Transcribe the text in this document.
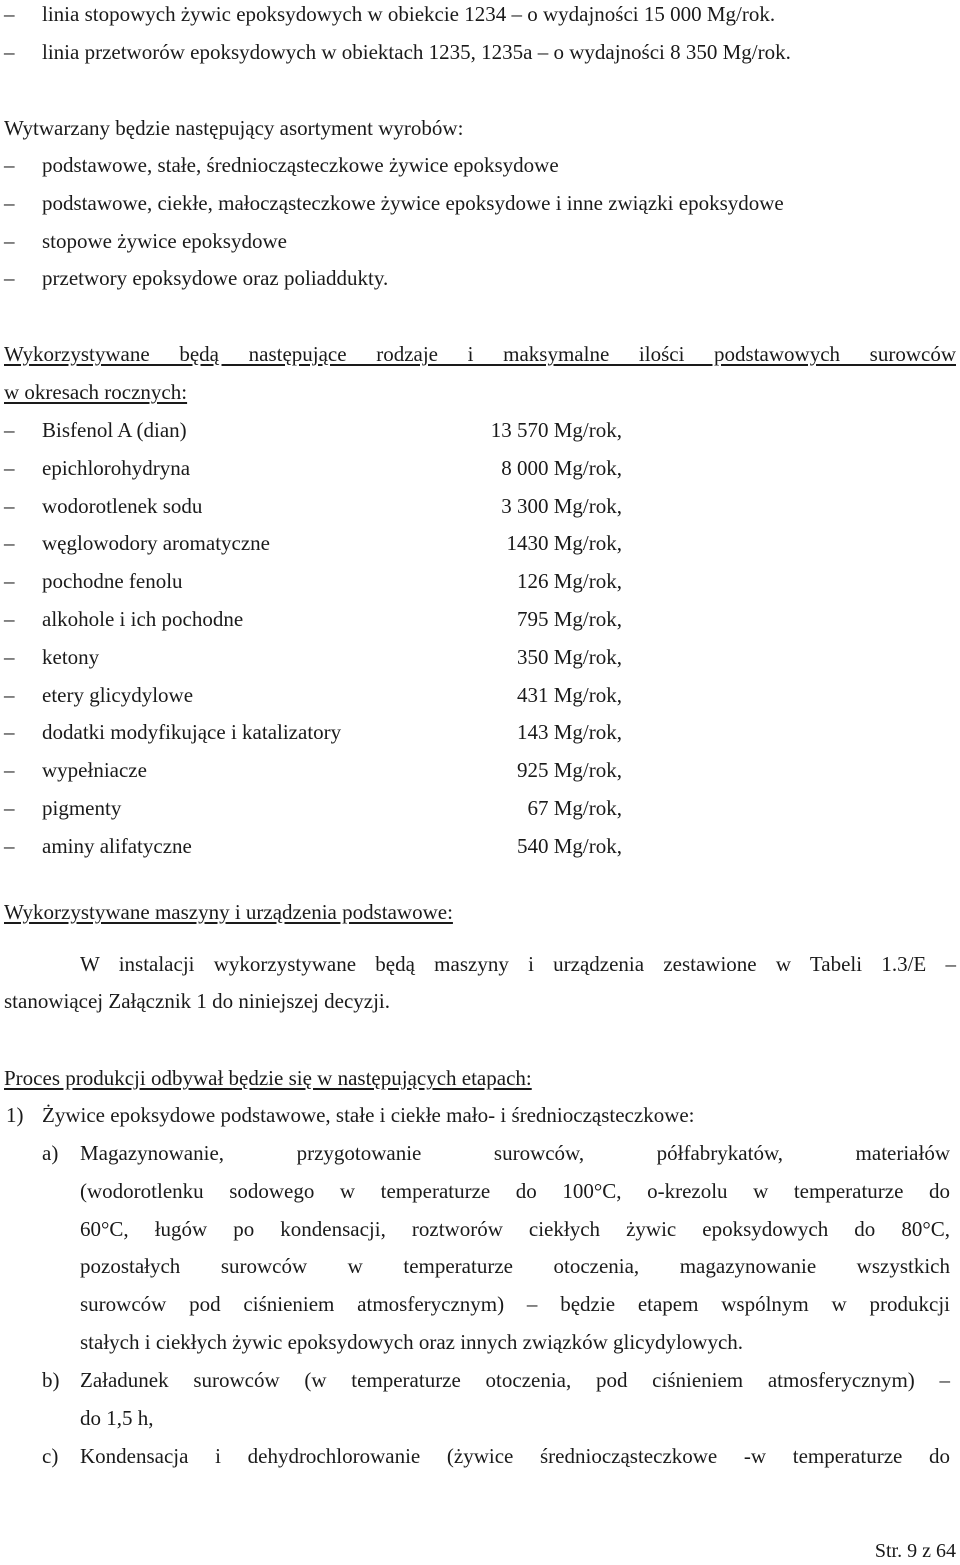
– linia stopowych żywic epoksydowych w obiekcie 1234 – o wydajności 15 000 Mg/rok.
– linia przetworów epoksydowych w obiektach 1235, 1235a – o wydajności 8 350 Mg/rok.
Wytwarzany będzie następujący asortyment wyrobów:
– podstawowe, stałe, średniocząsteczkowe żywice epoksydowe
– podstawowe, ciekłe, małocząsteczkowe żywice epoksydowe i inne związki epoksydowe
– stopowe żywice epoksydowe
– przetwory epoksydowe oraz poliaddukty.
Wykorzystywane będą następujące rodzaje i maksymalne ilości podstawowych surowców
w okresach rocznych:
– Bisfenol A (dian)	13 570 Mg/rok,
– epichlorohydryna	8 000 Mg/rok,
– wodorotlenek sodu	3 300 Mg/rok,
– węglowodory aromatyczne	1430 Mg/rok,
– pochodne fenolu	126 Mg/rok,
– alkohole i ich pochodne	795 Mg/rok,
– ketony	350 Mg/rok,
– etery glicydylowe	431 Mg/rok,
– dodatki modyfikujące i katalizatory	143 Mg/rok,
– wypełniacze	925 Mg/rok,
– pigmenty	67 Mg/rok,
– aminy alifatyczne	540 Mg/rok,
Wykorzystywane maszyny i urządzenia podstawowe:
W instalacji wykorzystywane będą maszyny i urządzenia zestawione w Tabeli 1.3/E –
stanowiącej Załącznik 1 do niniejszej decyzji.
Proces produkcji odbywał będzie się w następujących etapach:
1) Żywice epoksydowe podstawowe, stałe i ciekłe mało- i średniocząsteczkowe:
a) Magazynowanie, przygotowanie surowców, półfabrykatów, materiałów
(wodorotlenku sodowego w temperaturze do 100°C, o-krezolu w temperaturze do
60°C, ługów po kondensacji, roztworów ciekłych żywic epoksydowych do 80°C,
pozostałych surowców w temperaturze otoczenia, magazynowanie wszystkich
surowców pod ciśnieniem atmosferycznym) – będzie etapem wspólnym w produkcji
stałych i ciekłych żywic epoksydowych oraz innych związków glicydylowych.
b) Załadunek surowców (w temperaturze otoczenia, pod ciśnieniem atmosferycznym) –
do 1,5 h,
c) Kondensacja i dehydrochlorowanie (żywice średniocząsteczkowe -w temperaturze do
Str. 9 z 64
